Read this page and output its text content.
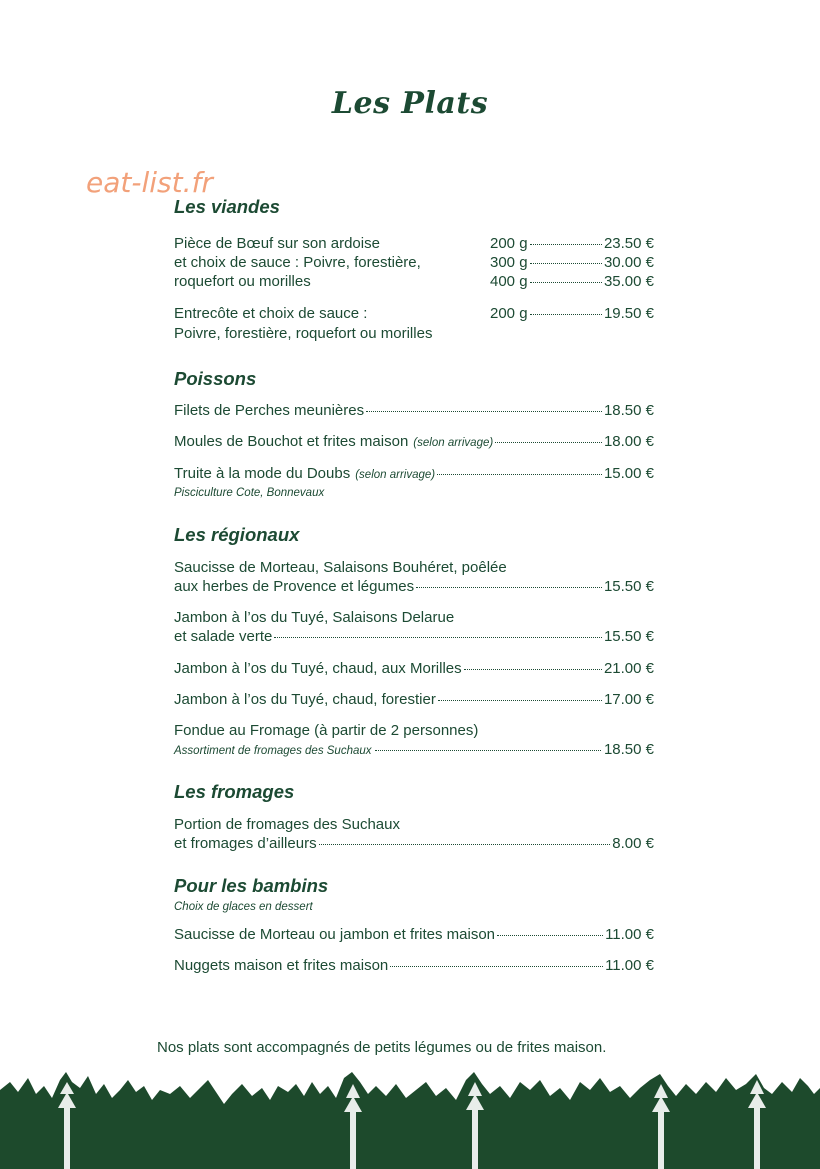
Les Plats
eat-list.fr
Les viandes
Pièce de Bœuf sur son ardoise
et choix de sauce : Poivre, forestière,
roquefort ou morilles
200 g	23.50 €
300 g	30.00 €
400 g	35.00 €
Entrecôte et choix de sauce :
Poivre, forestière, roquefort ou morilles
200 g	19.50 €
Poissons
Filets de Perches meunières	18.50 €
Moules de Bouchot et frites maison (selon arrivage)	18.00 €
Truite à la mode du Doubs (selon arrivage)	15.00 €
Pisciculture Cote, Bonnevaux
Les régionaux
Saucisse de Morteau, Salaisons Bouhéret, poêlée
aux herbes de Provence et légumes	15.50 €
Jambon à l’os du Tuyé, Salaisons Delarue
et salade verte	15.50 €
Jambon à l’os du Tuyé, chaud, aux Morilles	21.00 €
Jambon à l’os du Tuyé, chaud, forestier	17.00 €
Fondue au Fromage (à partir de 2 personnes)
Assortiment de fromages des Suchaux	18.50 €
Les fromages
Portion de fromages des Suchaux
et fromages d’ailleurs	8.00 €
Pour les bambins
Choix de glaces en dessert
Saucisse de Morteau ou jambon et frites maison	11.00 €
Nuggets maison et frites maison	11.00 €
Nos plats sont accompagnés de petits légumes ou de frites maison.
